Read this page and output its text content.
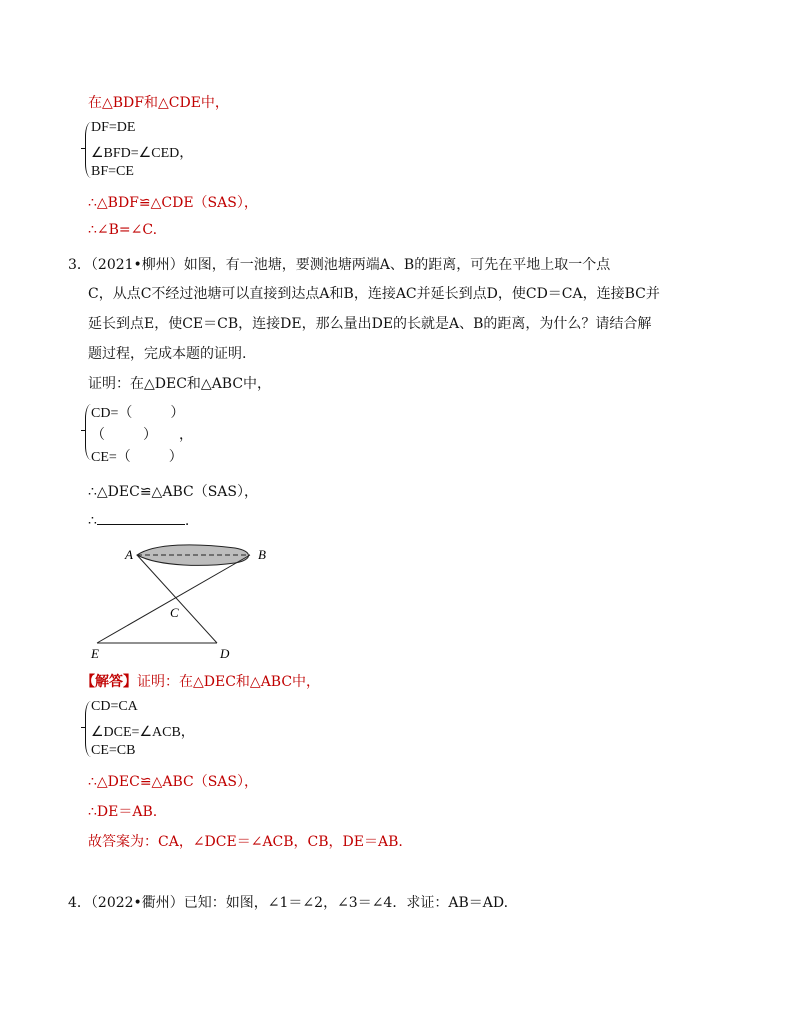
在△BDF和△CDE中，
DF=DE
∠BFD=∠CED，
BF=CE
∴△BDF≌△CDE（SAS），
∴∠B=∠C.
3．（2021•柳州）如图，有一池塘，要测池塘两端A、B的距离，可先在平地上取一个点
C，从点C不经过池塘可以直接到达点A和B，连接AC并延长到点D，使CD＝CA，连接BC并
延长到点E，使CE＝CB，连接DE，那么量出DE的长就是A、B的距离，为什么？请结合解
题过程，完成本题的证明.
证明：在△DEC和△ABC中，
CD=（	）
（	） ，
CE=（	）
∴△DEC≌△ABC（SAS），
∴	.
A	B
C
E	D
【解答】证明：在△DEC和△ABC中，
CD=CA
∠DCE=∠ACB，
CE=CB
∴△DEC≌△ABC（SAS），
∴DE＝AB.
故答案为：CA，∠DCE＝∠ACB，CB，DE＝AB.
4．（2022•衢州）已知：如图，∠1＝∠2，∠3＝∠4．求证：AB＝AD.
